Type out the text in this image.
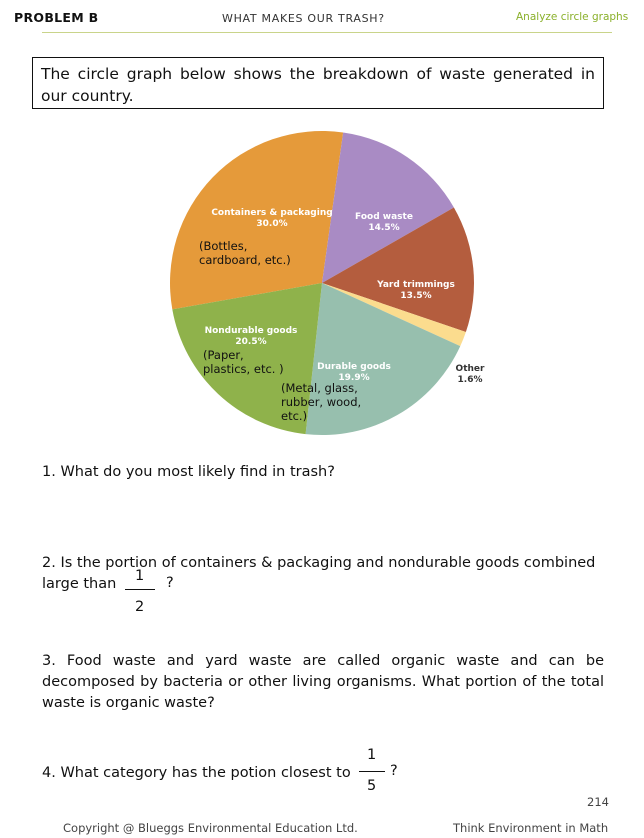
PROBLEM B	WHAT MAKES OUR TRASH?	Analyze circle graphs
The circle graph below shows the breakdown of waste generated in our country.
Containers & packaging 30.0%
(Bottles, cardboard, etc.)
Food waste 14.5%
Yard trimmings 13.5%
Other 1.6%
Durable goods 19.9%
(Metal, glass, rubber, wood, etc.)
Nondurable goods 20.5%
(Paper, plastics, etc. )
1. What do you most likely find in trash?
2. Is the portion of containers & packaging and nondurable goods combined large than	1
2
?
3. Food waste and yard waste are called organic waste and can be decomposed by bacteria or other living organisms. What portion of the total waste is organic waste?
4. What category has the potion closest to
1
5
?
214
Copyright @ Blueggs Environmental Education Ltd.	Think Environment in Math
